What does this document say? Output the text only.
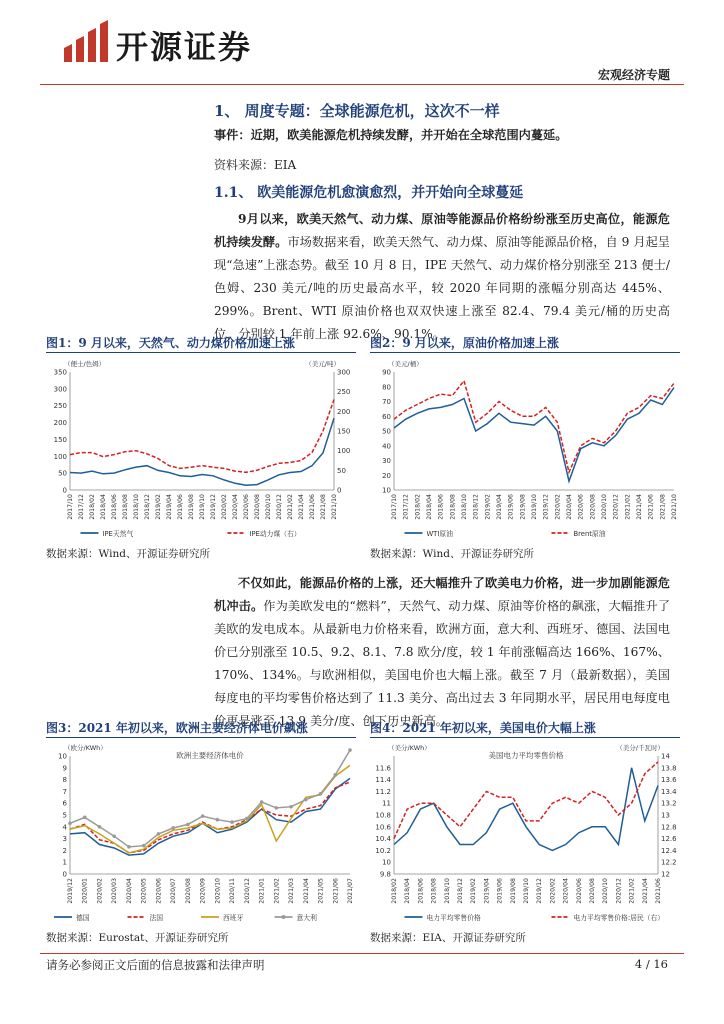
开源证券
宏观经济专题
1、 周度专题：全球能源危机，这次不一样
事件：近期，欧美能源危机持续发酵，并开始在全球范围内蔓延。
资料来源：EIA
1.1、 欧美能源危机愈演愈烈，并开始向全球蔓延
9月以来，欧美天然气、动力煤、原油等能源品价格纷纷涨至历史高位，能源危机持续发酵。市场数据来看，欧美天然气、动力煤、原油等能源品价格，自 9 月起呈现“急速”上涨态势。截至 10 月 8 日，IPE 天然气、动力煤价格分别涨至 213 便士/色姆、230 美元/吨的历史最高水平，较 2020 年同期的涨幅分别高达 445%、299%。Brent、WTI 原油价格也双双快速上涨至 82.4、79.4 美元/桶的历史高位，分别较 1 年前上涨 92.6%、90.1%。
图1：9 月以来，天然气、动力煤价格加速上涨
（便士/色姆）	（美元/吨）
0
50
100
150
200
250
300
350
0
50
100
150
200
250
300
2017/10 2017/12 2018/02 2018/04 2018/06 2018/08 2018/10 2018/12 2019/02 2019/04 2019/06 2019/08 2019/10 2019/12 2020/02 2020/04 2020/06 2020/08 2020/10 2020/12 2021/02 2021/04 2021/06 2021/08 2021/10
IPE天然气	IPE动力煤（右）
数据来源：Wind、开源证券研究所
图2：9 月以来，原油价格加速上涨
（美元/桶）
10
20
30
40
50
60
70
80
90
2017/10 2017/12 2018/02 2018/04 2018/06 2018/08 2018/10 2018/12 2019/02 2019/04 2019/06 2019/08 2019/10 2019/12 2020/02 2020/04 2020/06 2020/08 2020/10 2020/12 2021/02 2021/04 2021/06 2021/08 2021/10
WTI原油	Brent原油
数据来源：Wind、开源证券研究所
不仅如此，能源品价格的上涨，还大幅推升了欧美电力价格，进一步加剧能源危机冲击。作为美欧发电的“燃料”，天然气、动力煤、原油等价格的飙涨，大幅推升了美欧的发电成本。从最新电力价格来看，欧洲方面，意大利、西班牙、德国、法国电价已分别涨至 10.5、9.2、8.1、7.8 欧分/度，较 1 年前涨幅高达 166%、167%、170%、134%。与欧洲相似，美国电价也大幅上涨。截至 7 月（最新数据），美国每度电的平均零售价格达到了 11.3 美分、高出过去 3 年同期水平，居民用电每度电价更是涨至 13.9 美分/度、创下历史新高。
图3：2021 年初以来，欧洲主要经济体电价飙涨
（欧分/KWh）
欧洲主要经济体电价
0
1
2
3
4
5
6
7
8
9
10
2019/12 2020/01 2020/02 2020/03 2020/04 2020/05 2020/06 2020/07 2020/08 2020/09 2020/10 2020/11 2020/12 2021/01 2021/02 2021/03 2021/04 2021/05 2021/06 2021/07
德国	法国	西班牙	意大利
数据来源：Eurostat、开源证券研究所
图4：2021 年初以来，美国电价大幅上涨
（美分/KWh）	（美分/千瓦时）
美国电力平均零售价格
9.8
10
10.2
10.4
10.6
10.8
11
11.2
11.4
11.6
12
12.2
12.4
12.6
12.8
13
13.2
13.4
13.6
13.8
14
2018/02 2018/04 2018/06 2018/08 2018/10 2018/12 2019/02 2019/04 2019/06 2019/08 2019/10 2019/12 2020/02 2020/04 2020/06 2020/08 2020/10 2020/12 2021/02 2021/04 2021/06
电力平均零售价格	电力平均零售价格:居民（右）
数据来源：EIA、开源证券研究所
请务必参阅正文后面的信息披露和法律声明	4 / 16
